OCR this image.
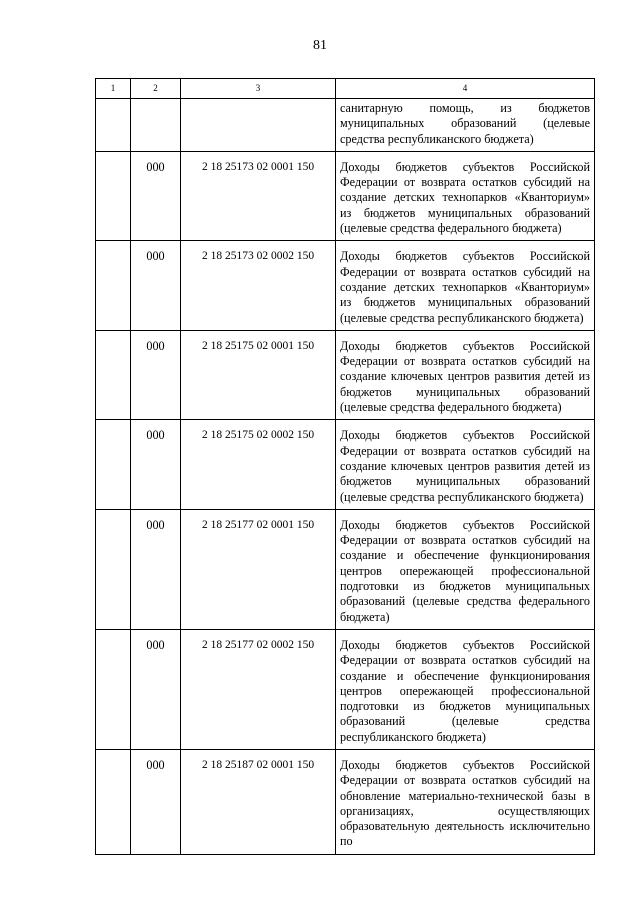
81
1	2	3	4
			санитарную помощь, из бюджетов муниципальных образований (целевые средства республиканского бюджета)
	000	2 18 25173 02 0001 150	Доходы бюджетов субъектов Российской Федерации от возврата остатков субсидий на создание детских технопарков «Кванториум» из бюджетов муниципальных образований (целевые средства федерального бюджета)
	000	2 18 25173 02 0002 150	Доходы бюджетов субъектов Российской Федерации от возврата остатков субсидий на создание детских технопарков «Кванториум» из бюджетов муниципальных образований (целевые средства республиканского бюджета)
	000	2 18 25175 02 0001 150	Доходы бюджетов субъектов Российской Федерации от возврата остатков субсидий на создание ключевых центров развития детей из бюджетов муниципальных образований (целевые средства федерального бюджета)
	000	2 18 25175 02 0002 150	Доходы бюджетов субъектов Российской Федерации от возврата остатков субсидий на создание ключевых центров развития детей из бюджетов муниципальных образований (целевые средства республиканского бюджета)
	000	2 18 25177 02 0001 150	Доходы бюджетов субъектов Российской Федерации от возврата остатков субсидий на создание и обеспечение функционирования центров опережающей профессиональной подготовки из бюджетов муниципальных образований (целевые средства федерального бюджета)
	000	2 18 25177 02 0002 150	Доходы бюджетов субъектов Российской Федерации от возврата остатков субсидий на создание и обеспечение функционирования центров опережающей профессиональной подготовки из бюджетов муниципальных образований (целевые средства республиканского бюджета)
	000	2 18 25187 02 0001 150	Доходы бюджетов субъектов Российской Федерации от возврата остатков субсидий на обновление материально-технической базы в организациях, осуществляющих образовательную деятельность исключительно по
